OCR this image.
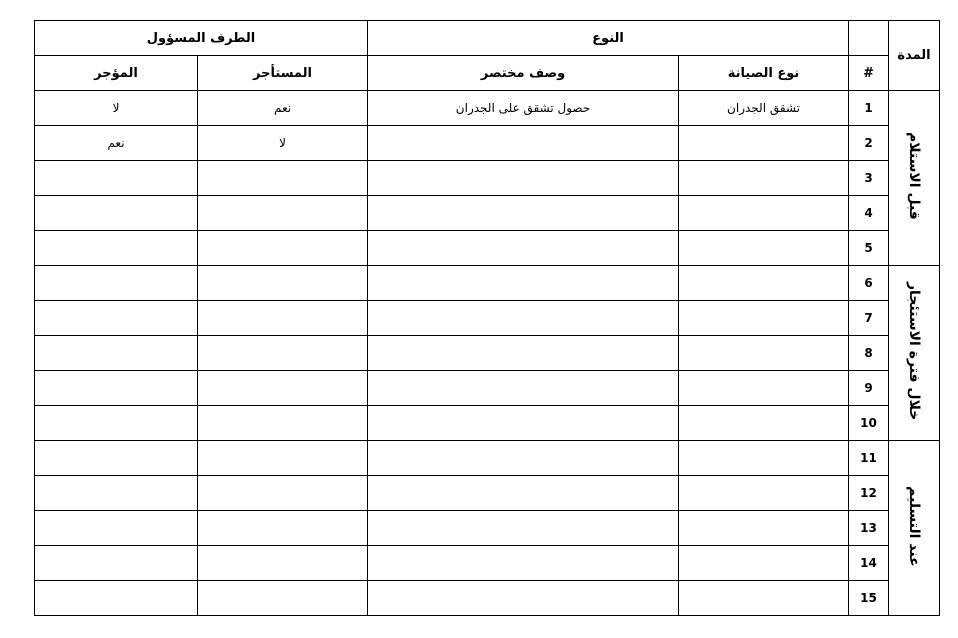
المدة		النوع		الطرف المسؤول	
	#	نوع الصيانة	وصف مختصر	المستأجر	المؤجر
قبل الاستلام	1	تشقق الجدران	حصول تشقق على الجدران	نعم	لا
	2			لا	نعم
	3				
	4				
	5				
خلال فترة الاستئجار	6				
	7				
	8				
	9				
	10				
عند التسليم	11				
	12				
	13				
	14				
	15				
